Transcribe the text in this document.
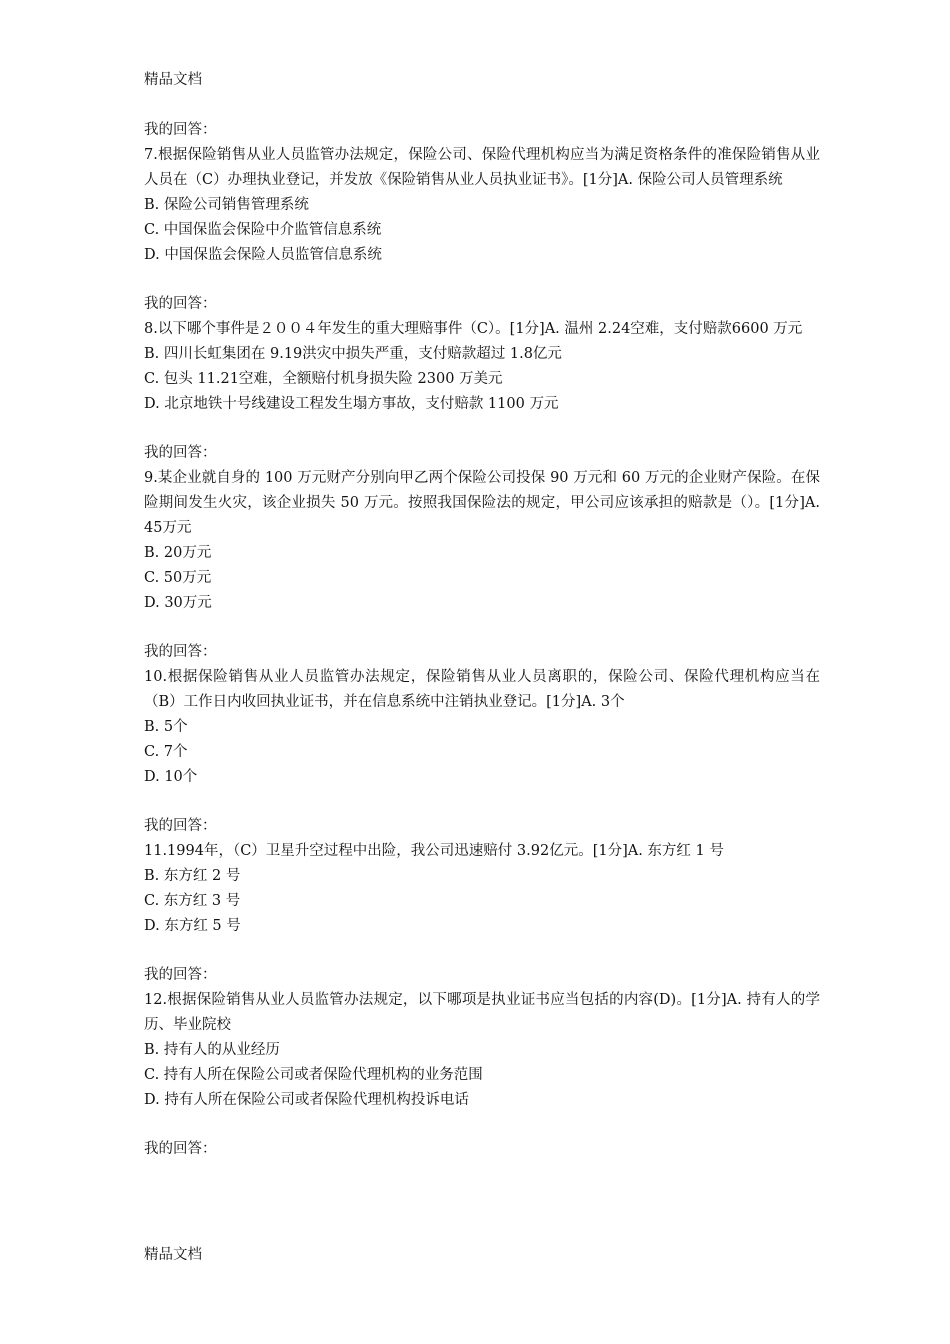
精品文档
我的回答：
7.根据保险销售从业人员监管办法规定，保险公司、保险代理机构应当为满足资格条件的准保险销售从业人员在（C）办理执业登记，并发放《保险销售从业人员执业证书》。[1分]A. 保险公司人员管理系统
B. 保险公司销售管理系统
C. 中国保监会保险中介监管信息系统
D. 中国保监会保险人员监管信息系统
我的回答：
8.以下哪个事件是２００４年发生的重大理赔事件（C）。[1分]A. 温州 2.24空难，支付赔款6600 万元
B. 四川长虹集团在 9.19洪灾中损失严重，支付赔款超过 1.8亿元
C. 包头 11.21空难，全额赔付机身损失险 2300 万美元
D. 北京地铁十号线建设工程发生塌方事故，支付赔款 1100 万元
我的回答：
9.某企业就自身的 100 万元财产分别向甲乙两个保险公司投保 90 万元和 60 万元的企业财产保险。在保险期间发生火灾，该企业损失 50 万元。按照我国保险法的规定，甲公司应该承担的赔款是（）。[1分]A. 45万元
B. 20万元
C. 50万元
D. 30万元
我的回答：
10.根据保险销售从业人员监管办法规定，保险销售从业人员离职的，保险公司、保险代理机构应当在（B）工作日内收回执业证书，并在信息系统中注销执业登记。[1分]A. 3个
B. 5个
C. 7个
D. 10个
我的回答：
11.1994年，（C）卫星升空过程中出险，我公司迅速赔付 3.92亿元。[1分]A. 东方红 1 号
B. 东方红 2 号
C. 东方红 3 号
D. 东方红 5 号
我的回答：
12.根据保险销售从业人员监管办法规定，以下哪项是执业证书应当包括的内容(D)。[1分]A. 持有人的学历、毕业院校
B. 持有人的从业经历
C. 持有人所在保险公司或者保险代理机构的业务范围
D. 持有人所在保险公司或者保险代理机构投诉电话
我的回答：
精品文档
